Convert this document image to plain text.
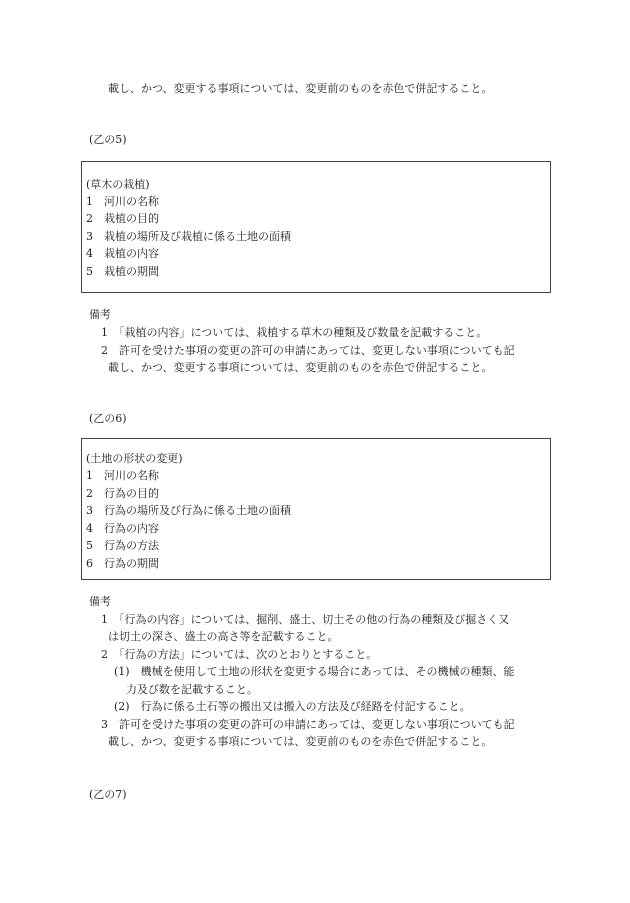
載し、かつ、変更する事項については、変更前のものを赤色で併記すること。
(乙の5)
(草木の栽植)
1　河川の名称
2　栽植の目的
3　栽植の場所及び栽植に係る土地の面積
4　栽植の内容
5　栽植の期間
備考
1　「栽植の内容」については、栽植する草木の種類及び数量を記載すること。
2　許可を受けた事項の変更の許可の申請にあっては、変更しない事項についても記
載し、かつ、変更する事項については、変更前のものを赤色で併記すること。
(乙の6)
(土地の形状の変更)
1　河川の名称
2　行為の目的
3　行為の場所及び行為に係る土地の面積
4　行為の内容
5　行為の方法
6　行為の期間
備考
1　「行為の内容」については、掘削、盛土、切土その他の行為の種類及び掘さく又
は切土の深さ、盛土の高さ等を記載すること。
2　「行為の方法」については、次のとおりとすること。
(1)　機械を使用して土地の形状を変更する場合にあっては、その機械の種類、能
力及び数を記載すること。
(2)　行為に係る土石等の搬出又は搬入の方法及び経路を付記すること。
3　許可を受けた事項の変更の許可の申請にあっては、変更しない事項についても記
載し、かつ、変更する事項については、変更前のものを赤色で併記すること。
(乙の7)
